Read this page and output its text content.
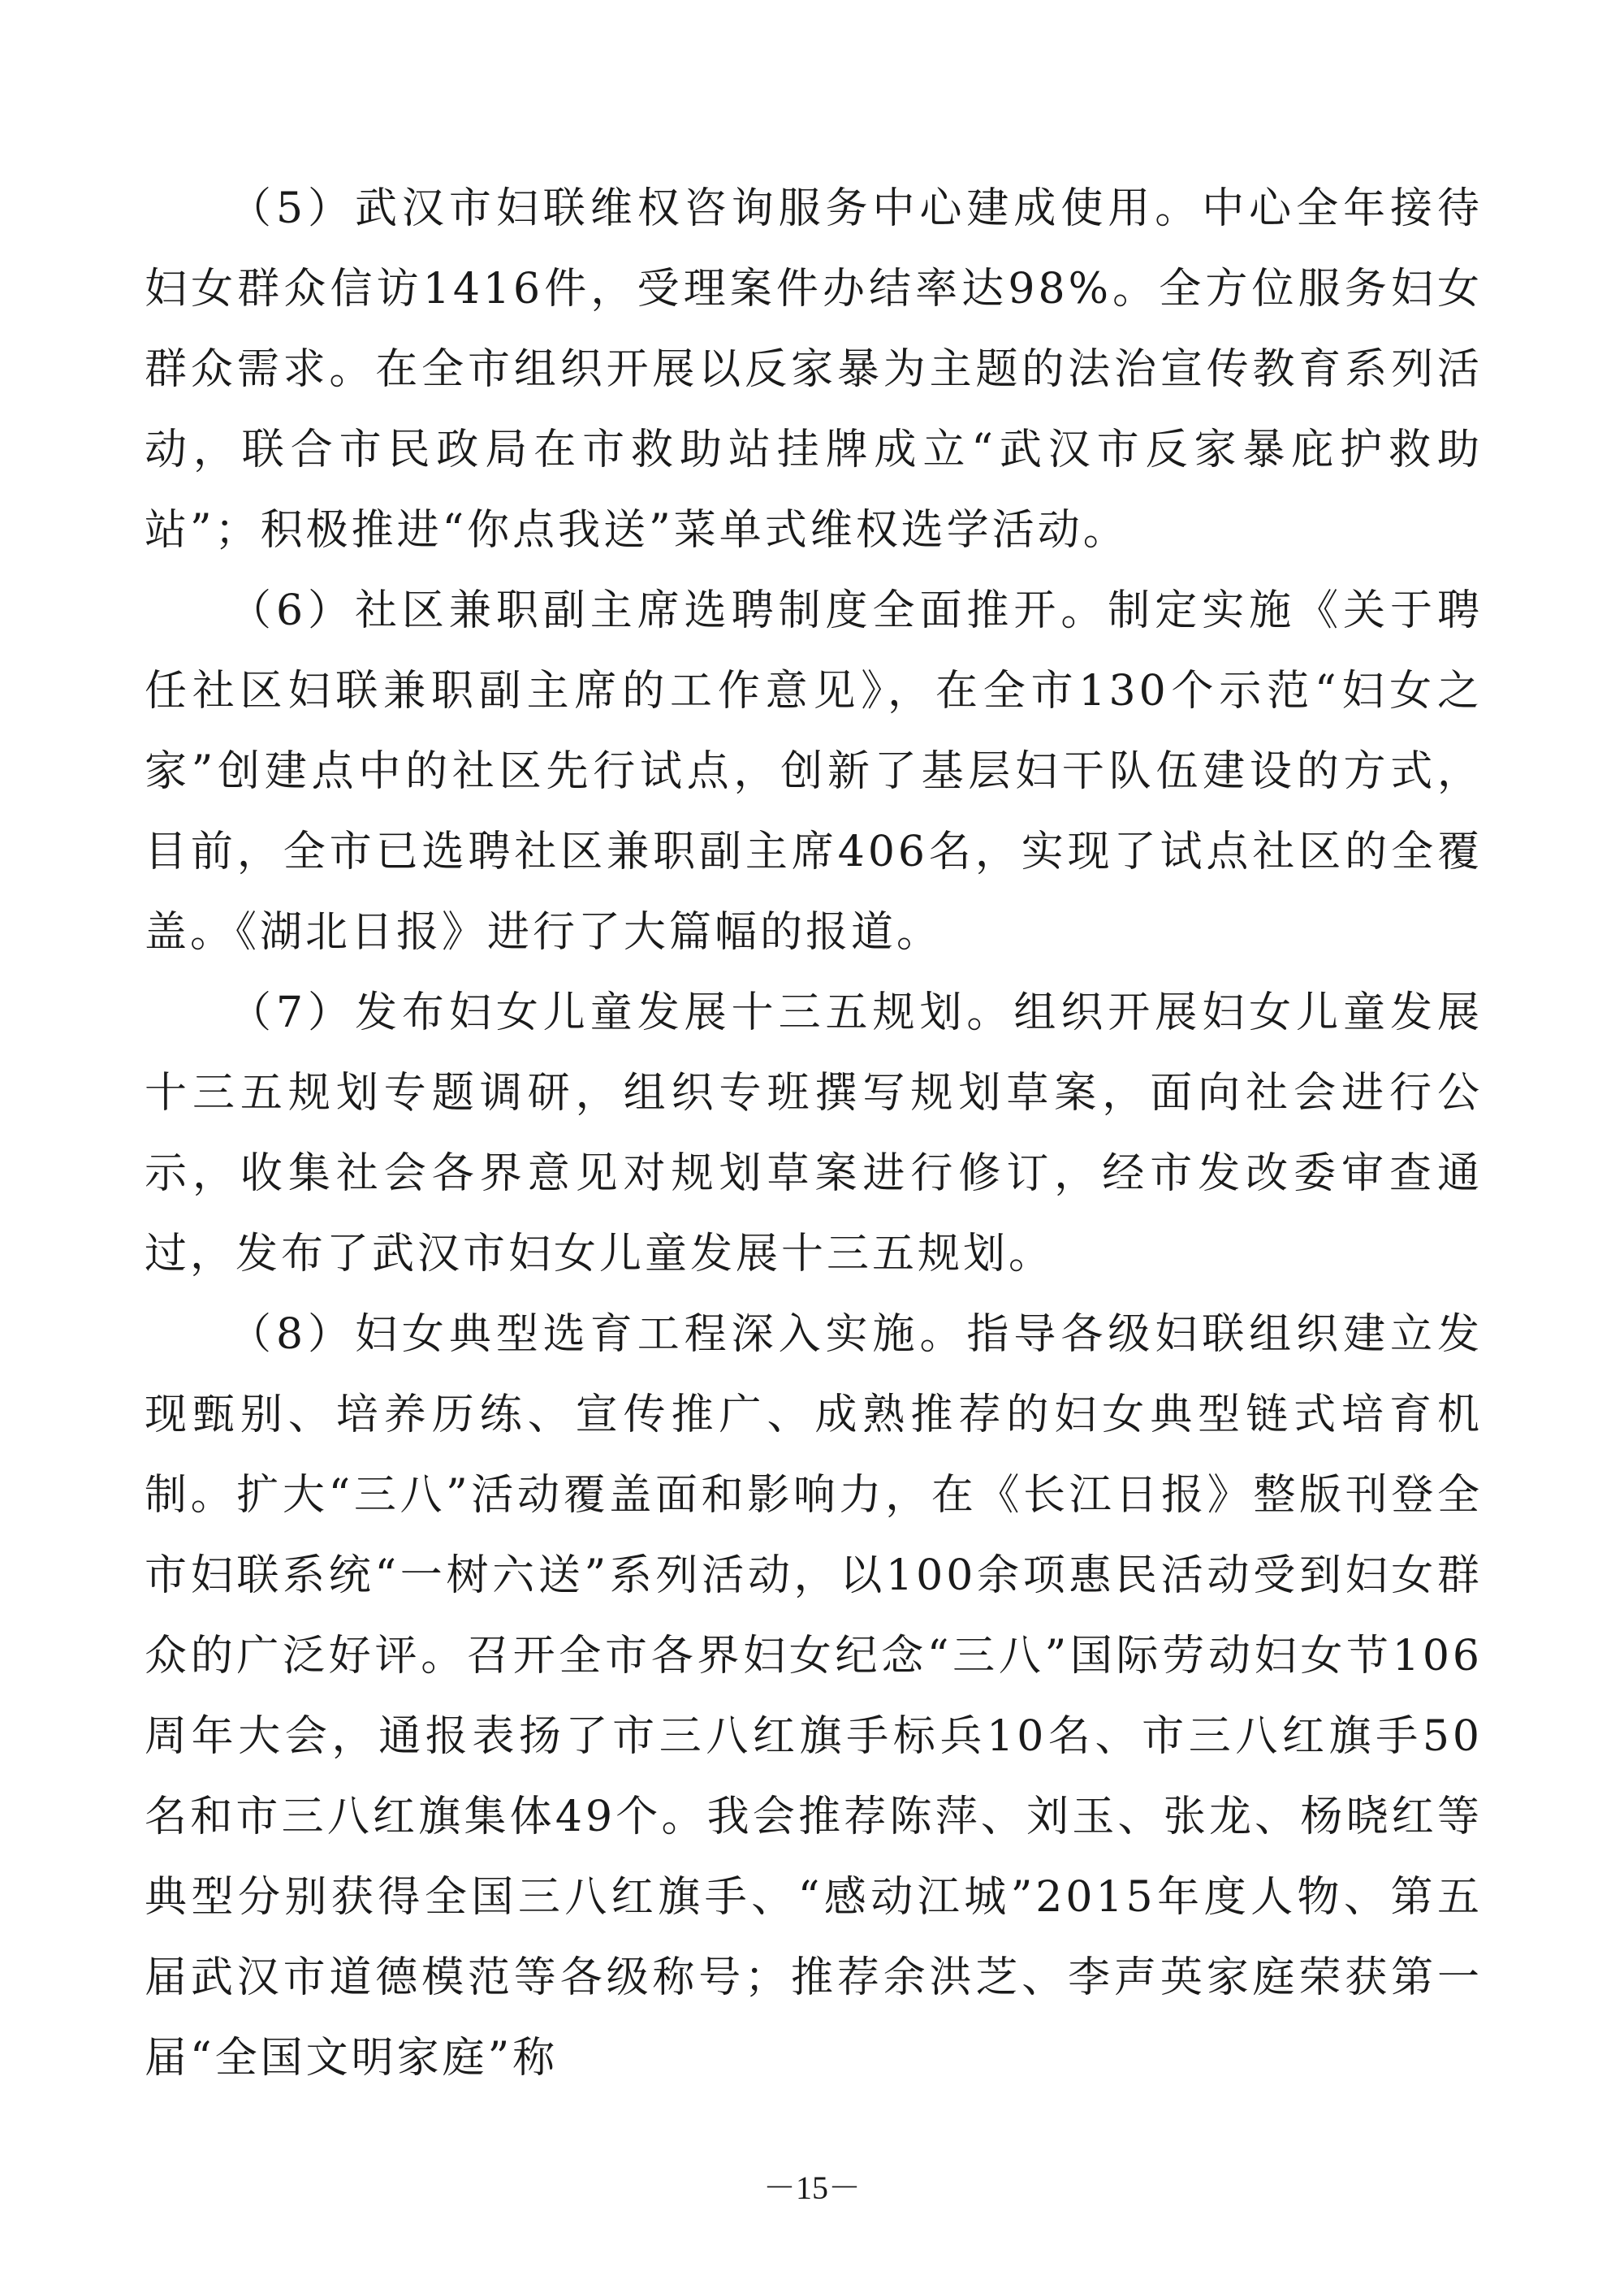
（5）武汉市妇联维权咨询服务中心建成使用。中心全年接待妇女群众信访1416件，受理案件办结率达98%。全方位服务妇女群众需求。在全市组织开展以反家暴为主题的法治宣传教育系列活动，联合市民政局在市救助站挂牌成立“武汉市反家暴庇护救助站”；积极推进“你点我送”菜单式维权选学活动。

（6）社区兼职副主席选聘制度全面推开。制定实施《关于聘任社区妇联兼职副主席的工作意见》，在全市130个示范“妇女之家”创建点中的社区先行试点，创新了基层妇干队伍建设的方式，目前，全市已选聘社区兼职副主席406名，实现了试点社区的全覆盖。《湖北日报》进行了大篇幅的报道。

（7）发布妇女儿童发展十三五规划。组织开展妇女儿童发展十三五规划专题调研，组织专班撰写规划草案，面向社会进行公示，收集社会各界意见对规划草案进行修订，经市发改委审查通过，发布了武汉市妇女儿童发展十三五规划。

（8）妇女典型选育工程深入实施。指导各级妇联组织建立发现甄别、培养历练、宣传推广、成熟推荐的妇女典型链式培育机制。扩大“三八”活动覆盖面和影响力，在《长江日报》整版刊登全市妇联系统“一树六送”系列活动，以100余项惠民活动受到妇女群众的广泛好评。召开全市各界妇女纪念“三八”国际劳动妇女节106周年大会，通报表扬了市三八红旗手标兵10名、市三八红旗手50名和市三八红旗集体49个。我会推荐陈萍、刘玉、张龙、杨晓红等典型分别获得全国三八红旗手、“感动江城”2015年度人物、第五届武汉市道德模范等各级称号；推荐余洪芝、李声英家庭荣获第一届“全国文明家庭”称

－15－
